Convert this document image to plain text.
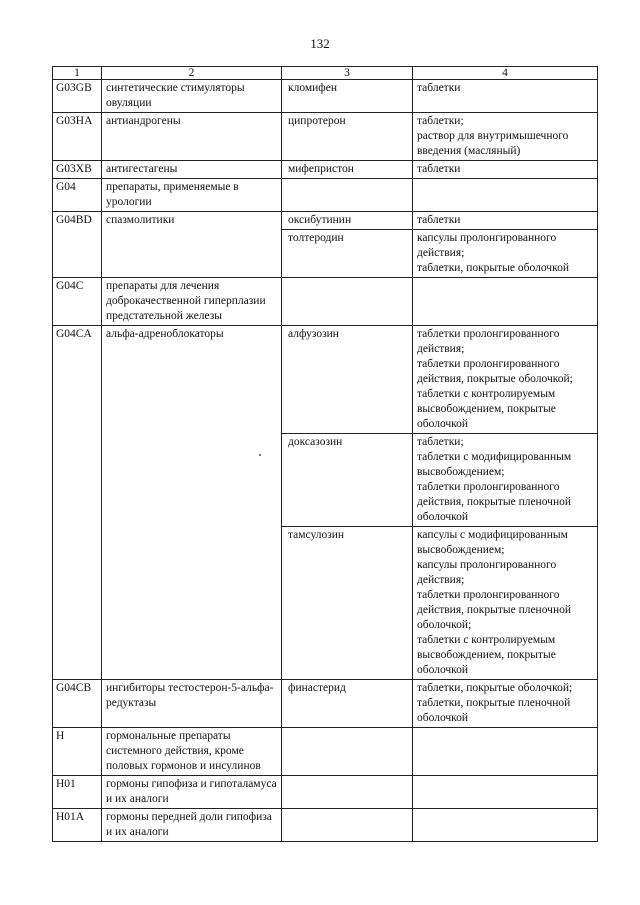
132
1	2	3	4
G03GB	синтетические стимуляторы овуляции	кломифен	таблетки

G03HA	антиандрогены	ципротерон	таблетки;
раствор для внутримышечного введения (масляный)

G03XB	антигестагены	мифепристон	таблетки

G04	препараты, применяемые в урологии		
G04BD	спазмолитики	оксибутинин	таблетки

		толтеродин	капсулы пролонгированного действия;
таблетки, покрытые оболочкой

G04C	препараты для лечения доброкачественной гиперплазии предстательной железы		
G04CA	альфа-адреноблокаторы	алфузозин	таблетки пролонгированного действия;
таблетки пролонгированного действия, покрытые оболочкой;
таблетки с контролируемым высвобождением, покрытые оболочкой

		доксазозин	таблетки;
таблетки с модифицированным высвобождением;
таблетки пролонгированного действия, покрытые пленочной оболочкой

		тамсулозин	капсулы с модифицированным высвобождением;
капсулы пролонгированного действия;
таблетки пролонгированного действия, покрытые пленочной оболочкой;
таблетки с контролируемым высвобождением, покрытые оболочкой

G04CB	ингибиторы тестостерон-5-альфа-редуктазы	финастерид	таблетки, покрытые оболочкой;
таблетки, покрытые пленочной оболочкой

H	гормональные препараты системного действия, кроме половых гормонов и инсулинов		
H01	гормоны гипофиза и гипоталамуса и их аналоги		
H01A	гормоны передней доли гипофиза и их аналоги		
